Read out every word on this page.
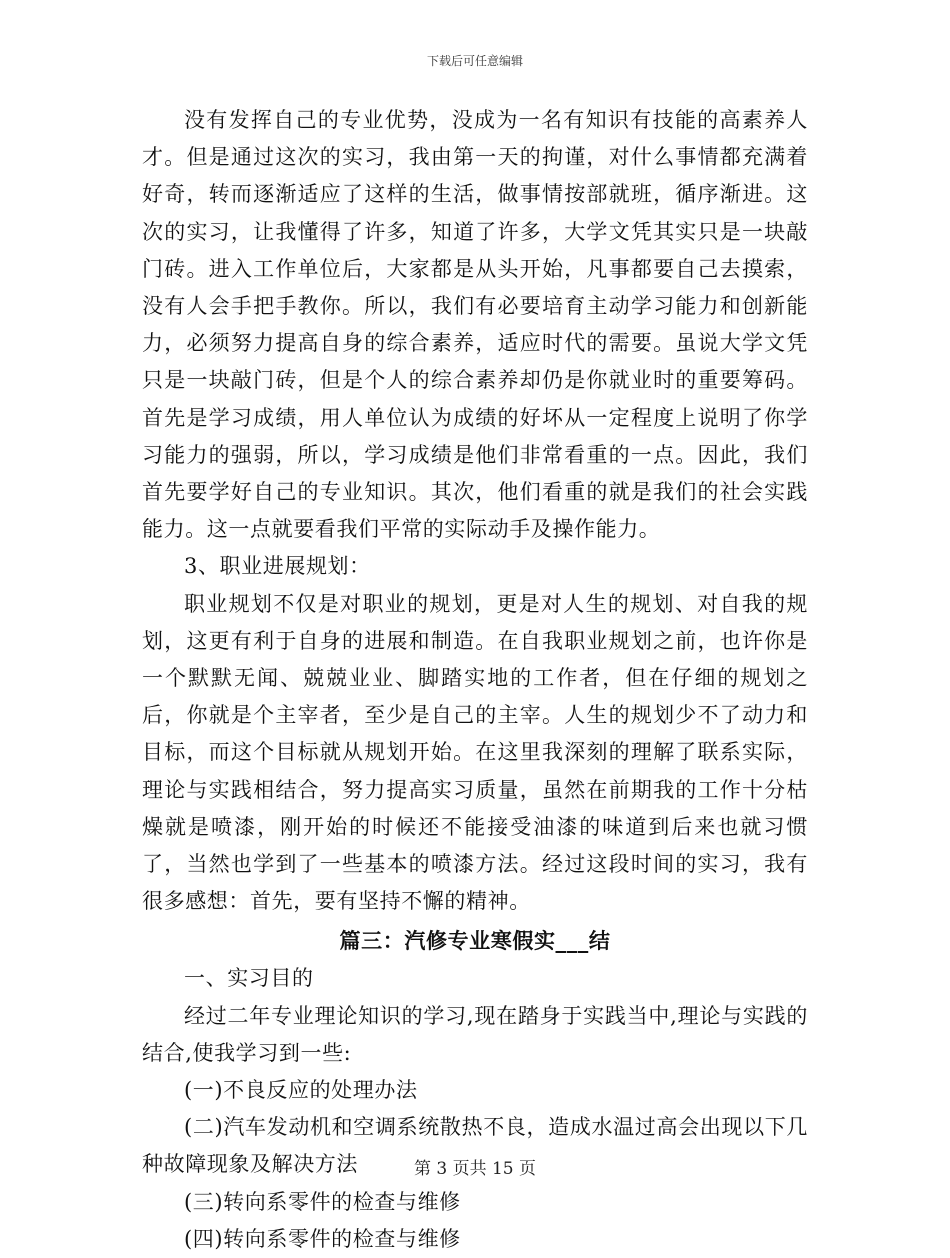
下载后可任意编辑

没有发挥自己的专业优势，没成为一名有知识有技能的高素养人才。但是通过这次的实习，我由第一天的拘谨，对什么事情都充满着好奇，转而逐渐适应了这样的生活，做事情按部就班，循序渐进。这次的实习，让我懂得了许多，知道了许多，大学文凭其实只是一块敲门砖。进入工作单位后，大家都是从头开始，凡事都要自己去摸索，没有人会手把手教你。所以，我们有必要培育主动学习能力和创新能力，必须努力提高自身的综合素养，适应时代的需要。虽说大学文凭只是一块敲门砖，但是个人的综合素养却仍是你就业时的重要筹码。首先是学习成绩，用人单位认为成绩的好坏从一定程度上说明了你学习能力的强弱，所以，学习成绩是他们非常看重的一点。因此，我们首先要学好自己的专业知识。其次，他们看重的就是我们的社会实践能力。这一点就要看我们平常的实际动手及操作能力。

3、职业进展规划：

职业规划不仅是对职业的规划，更是对人生的规划、对自我的规划，这更有利于自身的进展和制造。在自我职业规划之前，也许你是一个默默无闻、兢兢业业、脚踏实地的工作者，但在仔细的规划之后，你就是个主宰者，至少是自己的主宰。人生的规划少不了动力和目标，而这个目标就从规划开始。在这里我深刻的理解了联系实际，理论与实践相结合，努力提高实习质量，虽然在前期我的工作十分枯燥就是喷漆，刚开始的时候还不能接受油漆的味道到后来也就习惯了，当然也学到了一些基本的喷漆方法。经过这段时间的实习，我有很多感想：首先，要有坚持不懈的精神。

篇三：汽修专业寒假实___结

一、实习目的

经过二年专业理论知识的学习,现在踏身于实践当中,理论与实践的结合,使我学习到一些:

(一)不良反应的处理办法

(二)汽车发动机和空调系统散热不良，造成水温过高会出现以下几种故障现象及解决方法

(三)转向系零件的检查与维修

(四)转向系零件的检查与维修

第 3 页共 15 页
